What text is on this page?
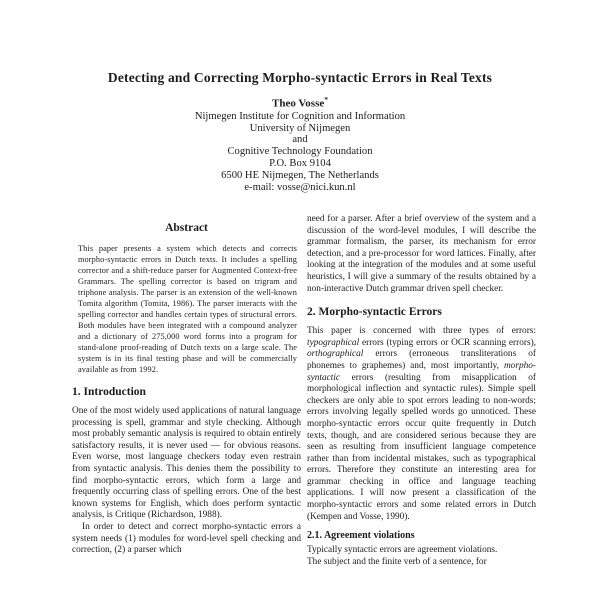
Detecting and Correcting Morpho-syntactic Errors in Real Texts
Theo Vosse*
Nijmegen Institute for Cognition and Information
University of Nijmegen
and
Cognitive Technology Foundation
P.O. Box 9104
6500 HE Nijmegen, The Netherlands
e-mail: vosse@nici.kun.nl
Abstract

This paper presents a system which detects and corrects morpho-syntactic errors in Dutch texts. It includes a spelling corrector and a shift-reduce parser for Augmented Context-free Grammars. The spelling corrector is based on trigram and triphone analysis. The parser is an extension of the well-known Tomita algorithm (Tomita, 1986). The parser interacts with the spelling corrector and handles certain types of structural errors. Both modules have been integrated with a compound analyzer and a dictionary of 275,000 word forms into a program for stand-alone proof-reading of Dutch texts on a large scale. The system is in its final testing phase and will be commercially available as from 1992.

1. Introduction

One of the most widely used applications of natural language processing is spell, grammar and style checking. Although most probably semantic analysis is required to obtain entirely satisfactory results, it is never used — for obvious reasons. Even worse, most language checkers today even restrain from syntactic analysis. This denies them the possibility to find morpho-syntactic errors, which form a large and frequently occurring class of spelling errors. One of the best known systems for English, which does perform syntactic analysis, is Critique (Richardson, 1988).

In order to detect and correct morpho-syntactic errors a system needs (1) modules for word-level spell checking and correction, (2) a parser which

need for a parser. After a brief overview of the system and a discussion of the word-level modules, I will describe the grammar formalism, the parser, its mechanism for error detection, and a pre-processor for word lattices. Finally, after looking at the integration of the modules and at some useful heuristics, I will give a summary of the results obtained by a non-interactive Dutch grammar driven spell checker.

2. Morpho-syntactic Errors

This paper is concerned with three types of errors: typographical errors (typing errors or OCR scanning errors), orthographical errors (erroneous transliterations of phonemes to graphemes) and, most importantly, morpho-syntactic errors (resulting from misapplication of morphological inflection and syntactic rules). Simple spell checkers are only able to spot errors leading to non-words; errors involving legally spelled words go unnoticed. These morpho-syntactic errors occur quite frequently in Dutch texts, though, and are considered serious because they are seen as resulting from insufficient language competence rather than from incidental mistakes, such as typographical errors. Therefore they constitute an interesting area for grammar checking in office and language teaching applications. I will now present a classification of the morpho-syntactic errors and some related errors in Dutch (Kempen and Vosse, 1990).

2.1. Agreement violations

Typically syntactic errors are agreement violations.
The subject and the finite verb of a sentence, for
